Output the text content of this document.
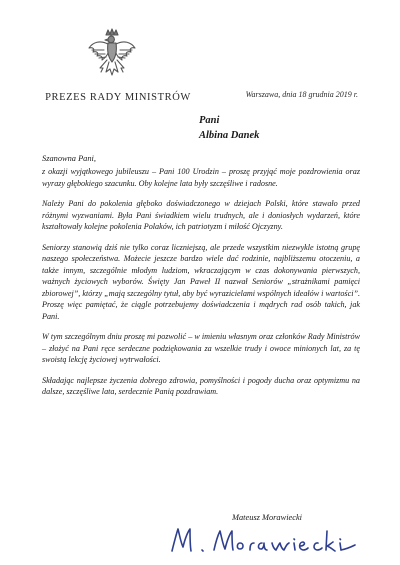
PREZES RADY MINISTRÓW	Warszawa, dnia 18 grudnia 2019 r.
Pani
Albina Danek
Szanowna Pani,

z okazji wyjątkowego jubileuszu – Pani 100 Urodzin – proszę przyjąć moje pozdrowienia oraz wyrazy głębokiego szacunku. Oby kolejne lata były szczęśliwe i radosne.

Należy Pani do pokolenia głęboko doświadczonego w dziejach Polski, które stawało przed różnymi wyzwaniami. Była Pani świadkiem wielu trudnych, ale i doniosłych wydarzeń, które kształtowały kolejne pokolenia Polaków, ich patriotyzm i miłość Ojczyzny.

Seniorzy stanowią dziś nie tylko coraz liczniejszą, ale przede wszystkim niezwykle istotną grupę naszego społeczeństwa. Możecie jeszcze bardzo wiele dać rodzinie, najbliższemu otoczeniu, a także innym, szczególnie młodym ludziom, wkraczającym w czas dokonywania pierwszych, ważnych życiowych wyborów. Święty Jan Paweł II nazwał Seniorów „strażnikami pamięci zbiorowej”, którzy „mają szczególny tytuł, aby być wyrazicielami wspólnych ideałów i wartości”. Proszę więc pamiętać, że ciągle potrzebujemy doświadczenia i mądrych rad osób takich, jak Pani.

W tym szczególnym dniu proszę mi pozwolić – w imieniu własnym oraz członków Rady Ministrów – złożyć na Pani ręce serdeczne podziękowania za wszelkie trudy i owoce minionych lat, za tę swoistą lekcję życiowej wytrwałości.

Składając najlepsze życzenia dobrego zdrowia, pomyślności i pogody ducha oraz optymizmu na dalsze, szczęśliwe lata, serdecznie Panią pozdrawiam.

Mateusz Morawiecki
